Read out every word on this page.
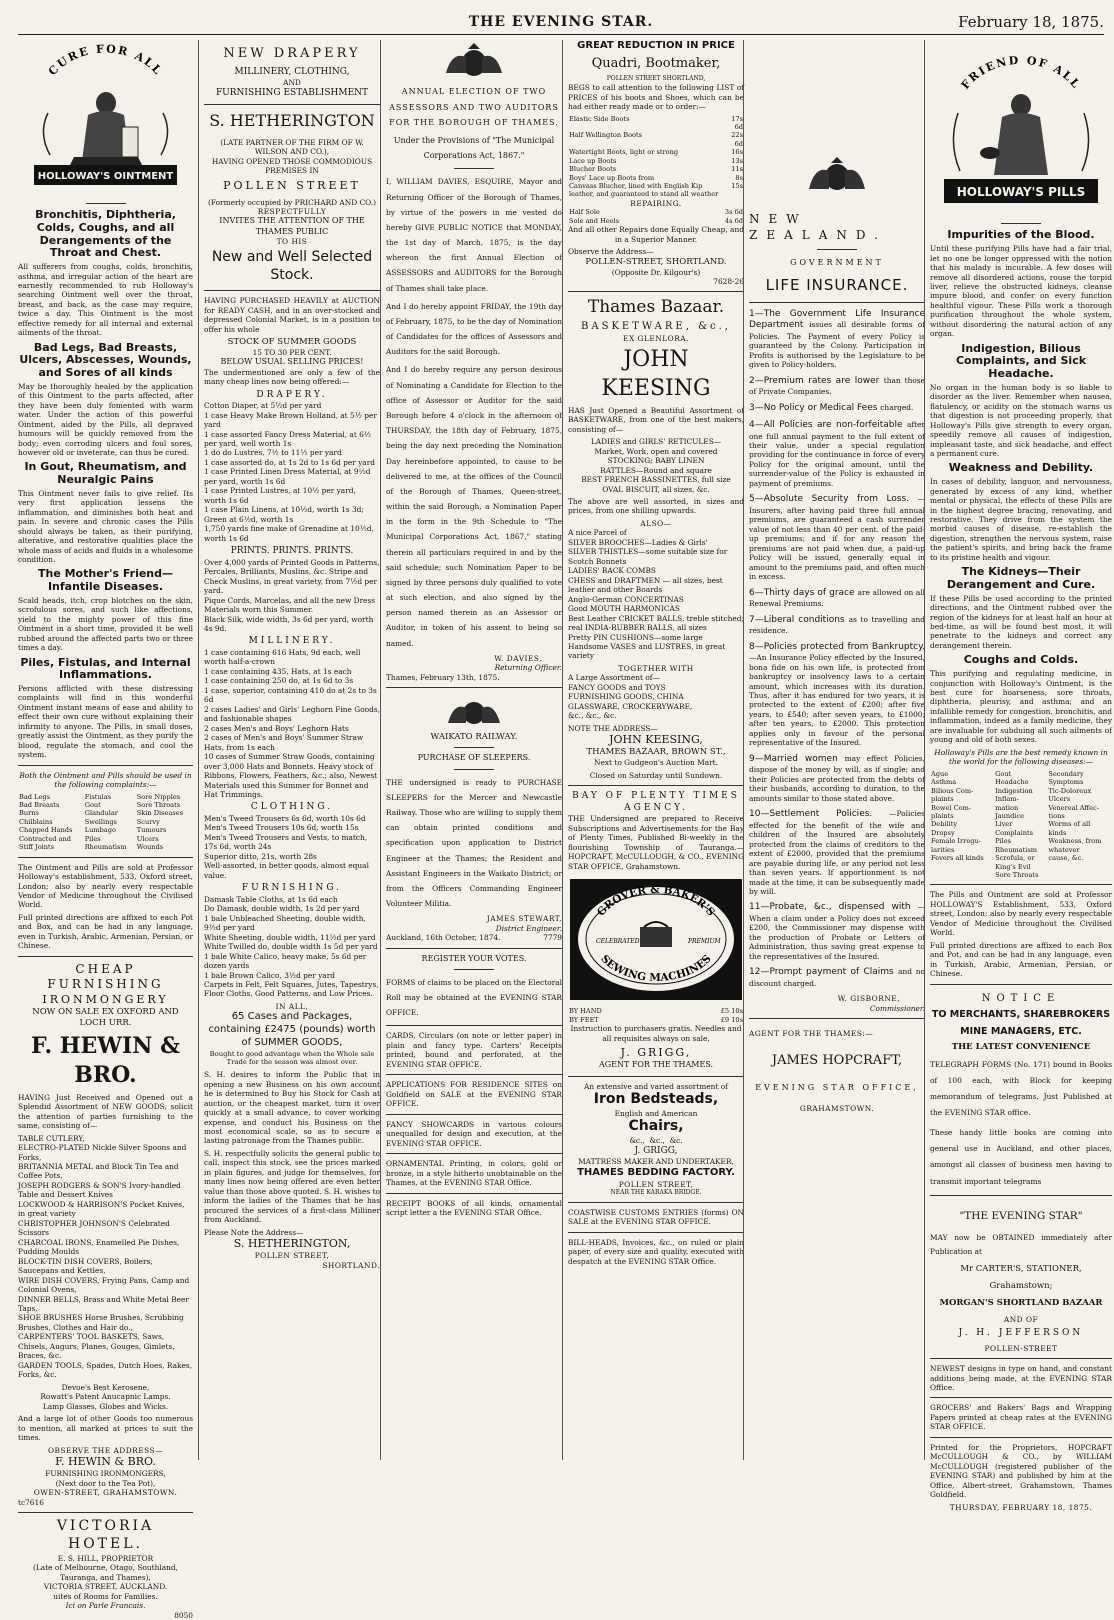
THE EVENING STAR.	February 18, 1875.
CURE FOR ALL
HOLLOWAY'S OINTMENT
Bronchitis, Diphtheria, Colds, Coughs, and all Derangements of the Throat and Chest.

All sufferers from coughs, colds, bronchitis, asthma, and irregular action of the heart are earnestly recommended to rub Holloway's searching Ointment well over the throat, breast, and back, as the case may require, twice a day. This Ointment is the most effective remedy for all internal and external ailments of the throat.

Bad Legs, Bad Breasts, Ulcers, Abscesses, Wounds, and Sores of all kinds

May be thoroughly healed by the application of this Ointment to the parts affected, after they have been duly fomented with warm water. Under the action of this powerful Ointment, aided by the Pills, all depraved humours will be quickly removed from the body; even corroding ulcers and foul sores, however old or inveterate, can thus be cured.

In Gout, Rheumatism, and Neuralgic Pains

This Ointment never fails to give relief. Its very first application lessens the inflammation, and diminishes both heat and pain. In severe and chronic cases the Pills should always be taken, as their purifying, alterative, and restorative qualities place the whole mass of acids and fluids in a wholesome condition.

The Mother's Friend—Infantile Diseases.

Scald heads, itch, crop blotches on the skin, scrofulous sores, and such like affections, yield to the mighty power of this fine Ointment in a short time, provided it be well rubbed around the affected parts two or three times a day.

Piles, Fistulas, and Internal Inflammations.

Persons afflicted with these distressing complaints will find in this wonderful Ointment instant means of ease and ability to effect their own cure without explaining their infirmity to anyone. The Pills, in small doses, greatly assist the Ointment, as they purify the blood, regulate the stomach, and cool the system.

Both the Ointment and Pills should be used in the following complaints:—

Bad Legs	Fistulas	Sore Nipples
Bad Breasts	Gout	Sore Throats
Burns	Glandular	Skin Diseases
Chilblains	Swellings	Scurvy
Chapped Hands	Lumbago	Tumours
Contracted and	Piles	Ulcers
Stiff Joints	Rheumatism	Wounds

The Ointment and Pills are sold at Professor Holloway's establishment, 533, Oxford street, London; also by nearly every respectable Vendor of Medicine throughout the Civilised World.

Full printed directions are affixed to each Pot and Box, and can be had in any language, even in Turkish, Arabic, Armenian, Persian, or Chinese.

CHEAP FURNISHING
IRONMONGERY
NOW ON SALE EX OXFORD AND LOCH URR.
F. HEWIN & BRO.

HAVING Just Received and Opened out a Splendid Assortment of NEW GOODS, solicit the attention of parties furnishing to the same, consisting of—

TABLE CUTLERY,
ELECTRO-PLATED Nickle Silver Spoons and Forks,
BRITANNIA METAL and Block Tin Tea and Coffee Pots,
JOSEPH RODGERS & SON'S Ivory-handled Table and Dessert Knives
LOCKWOOD & HARRISON'S Pocket Knives, in great variety
CHRISTOPHER JOHNSON'S Celebrated Scissors
CHARCOAL IRONS, Enamelled Pie Dishes, Pudding Moulds
BLOCK-TIN DISH COVERS, Boilers, Saucepans and Kettles,
WIRE DISH COVERS, Frying Pans, Camp and Colonial Ovens,
DINNER BELLS, Brass and White Metal Beer Taps,
SHOE BRUSHES Horse Brushes, Scrubbing Brushes, Clothes and Hair do.,
CARPENTERS' TOOL BASKETS, Saws, Chisels, Augurs, Planes, Gouges, Gimlets, Braces, &c.
GARDEN TOOLS, Spades, Dutch Hoes, Rakes, Forks, &c.

Devoe's Best Kerosene,
Rowatt's Patent Anucapnic Lamps.
Lamp Glasses, Globes and Wicks.

And a large lot of other Goods too numerous to mention, all marked at prices to suit the times.

OBSERVE THE ADDRESS—
F. HEWIN & BRO.
FURNISHING IRONMONGERS,
(Next door to the Tea Pot),
OWEN-STREET, GRAHAMSTOWN.
tc7616
VICTORIA HOTEL.
E. S. HILL, PROPRIETOR
(Late of Melbourne, Otago, Southland, Tauranga, and Thames),
VICTORIA STREET, AUCKLAND.
uites of Rooms for Families.
Ici on Parle Francais.
8050
NEW DRAPERY
MILLINERY, CLOTHING,
AND
FURNISHING ESTABLISHMENT
S. HETHERINGTON
(LATE PARTNER OF THE FIRM OF W. WILSON AND CO.),
HAVING OPENED THOSE COMMODIOUS PREMISES IN
POLLEN STREET
(Formerly occupied by PRICHARD AND CO.)
RESPECTFULLY
INVITES THE ATTENTION OF THE THAMES PUBLIC
TO HIS
New and Well Selected Stock.

HAVING PURCHASED HEAVILY at AUCTION for READY CASH, and in an over-stocked and depressed Colonial Market, is in a position to offer his whole

STOCK OF SUMMER GOODS
15 TO 30 PER CENT.
BELOW USUAL SELLING PRICES!

The undermentioned are only a few of the many cheap lines now being offered:—

DRAPERY.

Cotton Diaper, at 5½d per yard
1 case Heavy Make Brown Holland, at 5½ per yard
1 case assorted Fancy Dress Material, at 6½ per yard, well worth 1s
1 do do Lustres, 7½ to 11½ per yard
1 case assorted do, at 1s 2d to 1s 6d per yard
1 case Printed Linen Dress Material, at 9½d per yard, worth 1s 6d
1 case Printed Lustres, at 10½ per yard, worth 1s 6d
1 case Plain Linens, at 10½d, worth 1s 3d; Green at 6½d, worth 1s
1,750 yards fine make of Grenadine at 10½d, worth 1s 6d

PRINTS. PRINTS. PRINTS.

Over 4,000 yards of Printed Goods in Patterns, Percales, Brilliants, Muslins, &c. Stripe and Check Muslins, in great variety, from 7½d per yard.
Pique Cords, Marcelas, and all the new Dress Materials worn this Summer.
Black Silk, wide width, 3s 6d per yard, worth 4s 9d.

MILLINERY.

1 case containing 616 Hats, 9d each, well worth half-a-crown
1 case containing 435, Hats, at 1s each
1 case containing 250 do, at 1s 6d to 3s
1 case, superior, containing 410 do at 2s to 3s 6d
2 cases Ladies' and Girls' Leghorn Fine Goods, and fashionable shapes
2 cases Men's and Boys' Leghorn Hats
2 cases of Men's and Boys' Summer Straw Hats, from 1s each
10 cases of Summer Straw Goods, containing over 3,000 Hats and Bonnets. Heavy stock of Ribbons, Flowers, Feathers, &c.; also, Newest Materials used this Summer for Bonnet and Hat Trimmings.

CLOTHING.

Men's Tweed Trousers 6s 6d, worth 10s 6d
Men's Tweed Trousers 10s 6d, worth 15s
Men's Tweed Trousers and Vests, to match, 17s 6d, worth 24s
Superior ditto, 21s, worth 28s
Well-assorted, in better goods, almost equal value.

FURNISHING.

Damask Table Cloths, at 1s 6d each
Do Damask, double width, 1s 2d per yard
1 bale Unbleached Sheeting, double width, 9½d per yard
White Sheeting, double width, 11½d per yard
White Twilled do, double width 1s 5d per yard
1 bale White Calico, heavy make, 5s 6d per dozen yards
1 bale Brown Calico, 3½d per yard
Carpets in Felt, Felt Squares, Jutes, Tapestrys, Floor Cloths, Good Patterns, and Low Prices.

IN ALL,
65 Cases and Packages, containing £2475 (pounds) worth of SUMMER GOODS,

Bought to good advantage when the Whole sale Trade for the season was almost over.

S. H. desires to inform the Public that in opening a new Business on his own account he is determined to Buy his Stock for Cash at auction, or the cheapest market, turn it over quickly at a small advance, to cover working expense, and conduct his Business on the most economical scale, so as to secure a lasting patronage from the Thames public.

S. H. respectfully solicits the general public to call, inspect this stock, see the prices marked in plain figures, and judge for themselves, for many lines now being offered are even better value than those above quoted. S. H. wishes to inform the ladies of the Thames that he has procured the services of a first-class Milliner from Auckland.

Please Note the Address—
S. HETHERINGTON,
POLLEN STREET,
SHORTLAND.

ANNUAL ELECTION OF TWO ASSESSORS AND TWO AUDITORS FOR THE BOROUGH OF THAMES.

Under the Provisions of "The Municipal Corporations Act, 1867."

I, WILLIAM DAVIES, ESQUIRE, Mayor and Returning Officer of the Borough of Thames, by virtue of the powers in me vested do hereby GIVE PUBLIC NOTICE that MONDAY, the 1st day of March, 1875, is the day whereon the first Annual Election of ASSESSORS and AUDITORS for the Borough of Thames shall take place.

And I do hereby appoint FRIDAY, the 19th day of February, 1875, to be the day of Nomination of Candidates for the offices of Assessors and Auditors for the said Borough.

And I do hereby require any person desirous of Nominating a Candidate for Election to the office of Assessor or Auditor for the said Borough before 4 o'clock in the afternoon of THURSDAY, the 18th day of February, 1875, being the day next preceding the Nomination Day hereinbefore appointed, to cause to be delivered to me, at the offices of the Council of the Borough of Thames, Queen-street, within the said Borough, a Nomination Paper in the form in the 9th Schedule to "The Municipal Corporations Act, 1867," stating therein all particulars required in and by the said schedule; such Nomination Paper to be signed by three persons duly qualified to vote at such election, and also signed by the person named therein as an Assessor or Auditor, in token of his assent to being so named.

W. DAVIES,
Returning Officer.
Thames, February 13th, 1875.
WAIKATO RAILWAY.
PURCHASE OF SLEEPERS.

THE undersigned is ready to PURCHASE SLEEPERS for the Mercer and Newcastle Railway. Those who are willing to supply them can obtain printed conditions and specification upon application to District Engineer at the Thames; the Resident and Assistant Engineers in the Waikato District; or from the Officers Commanding Engineer Volunteer Militia.

JAMES STEWART,
District Engineer.
Auckland, 16th October, 1874.	7779
REGISTER YOUR VOTES.

FORMS of claims to be placed on the Electoral Roll may be obtained at the EVENING STAR OFFICE.

CARDS, Circulars (on note or letter paper) in plain and fancy type. Carters' Receipts printed, bound and perforated, at the EVENING STAR OFFICE.

APPLICATIONS FOR RESIDENCE SITES on Goldfield on SALE at the EVENING STAR OFFICE.

FANCY SHOWCARDS in various colours unequalled for design and execution, at the EVENING STAR OFFICE.

ORNAMENTAL Printing, in colors, gold or bronze, in a style hitherto unobtainable on the Thames, at the EVENING STAR Office.

RECEIPT BOOKS of all kinds, ornamental script letter a the EVENING STAR Office.

GREAT REDUCTION IN PRICE
Quadri, Bootmaker,
POLLEN STREET SHORTLAND,

BEGS to call attention to the following LIST of PRICES of his boots and Shoes, which can be had either ready made or to order:—

Elastic Side Boots	17s 6d
Half Wellington Boots	22s 6d
Watertight Boots, light or strong	16s
Lace up Boots	13s
Blucher Boots	11s
Boys' Lace up Boots from	8s
Canvass Blucher, lined with English Kip leather, and guaranteed to stand all weather	15s
REPAIRING.
Half Sole	3s 6d
Sole and Heels	4s 6d

And all other Repairs done Equally Cheap, and in a Superior Manner.

Observe the Address—
POLLEN-STREET, SHORTLAND.
(Opposite Dr. Kilgour's)
7628-26
Thames Bazaar.
BASKETWARE, &c.,
EX GLENLORA.
JOHN KEESING

HAS Just Opened a Beautiful Assortment of BASKETWARE, from one of the best makers, consisting of—

LADIES and GIRLS' RETICULES—
Market, Work, open and covered
STOCKING; BABY LINEN
RATTLES—Round and square
BEST FRENCH BASSINETTES, full size
OVAL BISCUIT, all sizes, &c.

The above are well assorted, in sizes and prices, from one shilling upwards.

ALSO—

A nice Parcel of
SILVER BROOCHES—Ladies & Girls'
SILVER THISTLES—some suitable size for Scotch Bonnets
LADIES' BACK COMBS
CHESS and DRAFTMEN — all sizes, best leather and other Boards
Anglo-German CONCERTINAS
Good MOUTH HARMONICAS
Best Leather CRICKET BALLS, treble stitched; real INDIA-RUBBER BALLS, all sizes
Pretty PIN CUSHIONS—some large
Handsome VASES and LUSTRES, in great variety

TOGETHER WITH

A Large Assortment of—
FANCY GOODS and TOYS
FURNISHING GOODS, CHINA
GLASSWARE, CROCKERYWARE,
&c., &c., &c.

NOTE THE ADDRESS—
JOHN KEESING,
THAMES BAZAAR, BROWN ST.,
Next to Gudgeon's Auction Mart.
Closed on Saturday until Sundown.
BAY OF PLENTY TIMES AGENCY.

THE Undersigned are prepared to Receive Subscriptions and Advertisements for the Bay of Plenty Times, Published Bi-weekly in the flourishing Township of Tauranga.— HOPCRAFT, McCULLOUGH, & CO., EVENING STAR OFFICE, Grahamstown.

GROVER & BAKER'S
SEWING MACHINES
CELEBRATED	PREMIUM
BY HAND	£5 10s
BY FEET	£9 10s

Instruction to purchasers gratis. Needles and all requisites always on sale.

J. GRIGG,
AGENT FOR THE THAMES.
An extensive and varied assortment of
Iron Bedsteads,
English and American
Chairs,
&c.,  &c.,  &c.
J. GRIGG,
MATTRESS MAKER AND UNDERTAKER,
THAMES BEDDING FACTORY.
POLLEN STREET,
NEAR THE KARAKA BRIDGE.

COASTWISE CUSTOMS ENTRIES (forms) ON SALE at the EVENING STAR OFFICE.

BILL-HEADS, Invoices, &c., on ruled or plain paper, of every size and quality, executed with despatch at the EVENING STAR Office.

NEW ZEALAND.
GOVERNMENT
LIFE INSURANCE.

1—The Government Life Insurance Department issues all desirable forms of Policies. The Payment of every Policy is guaranteed by the Colony. Participation in Profits is authorised by the Legislature to be given to Policy-holders.

2—Premium rates are lower than those of Private Companies.

3—No Policy or Medical Fees charged.

4—All Policies are non-forfeitable after one full annual payment to the full extent of their value, under a special regulation providing for the continuance in force of every Policy for the original amount, until the surrender-value of the Policy is exhausted in payment of premiums.

5—Absolute Security from Loss. —Insurers, after having paid three full annual premiums, are guaranteed a cash surrender value of not less than 40 per cent. of the paid-up premiums; and if for any reason the premiums are not paid when due, a paid-up Policy will be issued, generally equal in amount to the premiums paid, and often much in excess.

6—Thirty days of grace are allowed on all Renewal Premiums.

7—Liberal conditions as to travelling and residence.

8—Policies protected from Bankruptcy. —An Insurance Policy effected by the Insured, bona fide on his own life, is protected from bankruptcy or insolvency laws to a certain amount, which increases with its duration. Thus, after it has endured for two years, it is protected to the extent of £200; after five years, to £540; after seven years, to £1000; after ten years, to £2000. This protection applies only in favour of the personal representative of the Insured.

9—Married women may effect Policies, dispose of the money by will, as if single; and their Policies are protected from the debts of their husbands, according to duration, to the amounts similar to those stated above.

10—Settlement Policies. —Policies effected for the benefit of the wife and children of the Insured are absolutely protected from the claims of creditors to the extent of £2000, provided that the premiums are payable during life, or any period not less than seven years. If apportionment is not made at the time, it can be subsequently made by will.

11—Probate, &c., dispensed with —When a claim under a Policy does not exceed £200, the Commissioner may dispense with the production of Probate or Letters of Administration, thus saving great expense to the representatives of the Insured.

12—Prompt payment of Claims and no discount charged.

W. GISBORNE,
Commissioner.
AGENT FOR THE THAMES:—
JAMES HOPCRAFT,
EVENING STAR OFFICE,
GRAHAMSTOWN.
FRIEND OF ALL
HOLLOWAY'S PILLS
Impurities of the Blood.

Until these purifying Pills have had a fair trial, let no one be longer oppressed with the notion that his malady is incurable. A few doses will remove all disordered actions, rouse the torpid liver, relieve the obstructed kidneys, cleanse impure blood, and confer on every function healthful vigour. These Pills work a thorough purification throughout the whole system, without disordering the natural action of any organ.

Indigestion, Bilious Complaints, and Sick Headache.

No organ in the human body is so liable to disorder as the liver. Remember when nausea, flatulency, or acidity on the stomach warns us that digestion is not proceeding properly, that Holloway's Pills give strength to every organ, speedily remove all causes of indigestion, impleasant taste, and sick headache, and effect a permanent cure.

Weakness and Debility.

In cases of debility, languor, and nervousness, generated by excess of any kind, whether mental or physical, the effects of these Pills are in the highest degree bracing, renovating, and restorative. They drive from the system the morbid causes of disease, re-establish the digestion, strengthen the nervous system, raise the patient's spirits, and bring back the frame to its pristine health and vigour.

The Kidneys—Their Derangement and Cure.

If these Pills be used according to the printed directions, and the Ointment rubbed over the region of the kidneys for at least half an hour at bed-time, as will be found best most, it will penetrate to the kidneys and correct any derangement therein.

Coughs and Colds.

This purifying and regulating medicine, in conjunction with Holloway's Ointment, is the best cure for hoarseness, sore throats, diphtheria, pleurisy, and asthma; and an infallible remedy for congestion, bronchitis, and inflammation, indeed as a family medicine, they are invaluable for subduing all such ailments of young and old of both sexes.

Holloway's Pills are the best remedy known in the world for the following diseases:—

Ague	Gout	Secondary
Asthma	Headache	Symptoms
Bilious Com-	Indigestion	Tic-Doloreux
plaints	Inflam-	Ulcers
Bowel Com-	mation	Venereal Affec-
plaints	Jaundice	tions
Debility	Liver	Worms of all
Dropsy	Complaints	kinds
Female Irregu-	Piles	Weakness, from
larities	Rheumatism	whatever
Fevers all kinds	Scrofula, or	cause, &c.
	King's Evil	
	Sore Throats	

The Pills and Ointment are sold at Professor HOLLOWAY'S Establishment, 533, Oxford street, London; also by nearly every respectable Vendor of Medicine throughout the Civilised World.

Full printed directions are affixed to each Box and Pot, and can be had in any language, even in Turkish, Arabic, Armenian, Persian, or Chinese.

NOTICE
TO MERCHANTS, SHAREBROKERS
MINE MANAGERS, ETC.
THE LATEST CONVENIENCE

TELEGRAPH FORMS (No. 171) bound in Books of 100 each, with Block for keeping memorandum of telegrams, Just Published at the EVENING STAR office.

These handy little books are coming into general use in Auckland, and other places, amongst all classes of business men having to transmit important telegrams

"THE EVENING STAR"

MAY now be OBTAINED immediately after Publication at

Mr CARTER'S, STATIONER,
Grahamstown;
MORGAN'S SHORTLAND BAZAAR
AND OF
J. H. JEFFERSON
POLLEN-STREET

NEWEST designs in type on hand, and constant additions being made, at the EVENING STAR Office.

GROCERS' and Bakers' Bags and Wrapping Papers printed at cheap rates at the EVENING STAR OFFICE.

Printed for the Proprietors, HOPCRAFT McCULLOUGH & CO., by WILLIAM McCULLOUGH (registered publisher of the EVENING STAR) and published by him at the Office, Albert-street, Grahamstown, Thames Goldfield.

THURSDAY, FEBRUARY 18, 1875.
